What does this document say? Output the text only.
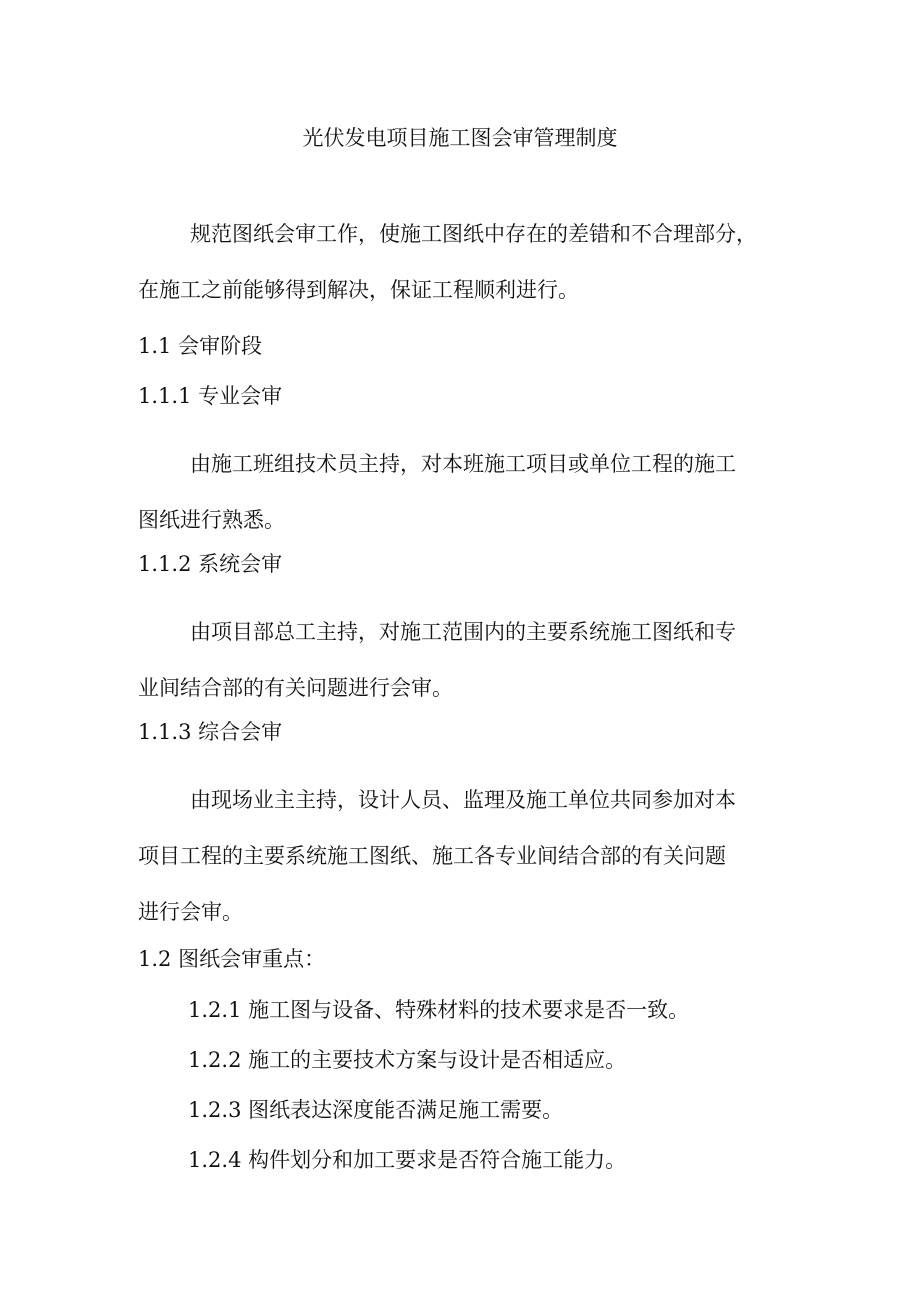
光伏发电项目施工图会审管理制度
规范图纸会审工作，使施工图纸中存在的差错和不合理部分，
在施工之前能够得到解决，保证工程顺利进行。
1.1 会审阶段
1.1.1 专业会审
由施工班组技术员主持，对本班施工项目或单位工程的施工
图纸进行熟悉。
1.1.2 系统会审
由项目部总工主持，对施工范围内的主要系统施工图纸和专
业间结合部的有关问题进行会审。
1.1.3 综合会审
由现场业主主持，设计人员、监理及施工单位共同参加对本
项目工程的主要系统施工图纸、施工各专业间结合部的有关问题
进行会审。
1.2 图纸会审重点：
1.2.1 施工图与设备、特殊材料的技术要求是否一致。
1.2.2 施工的主要技术方案与设计是否相适应。
1.2.3 图纸表达深度能否满足施工需要。
1.2.4 构件划分和加工要求是否符合施工能力。
